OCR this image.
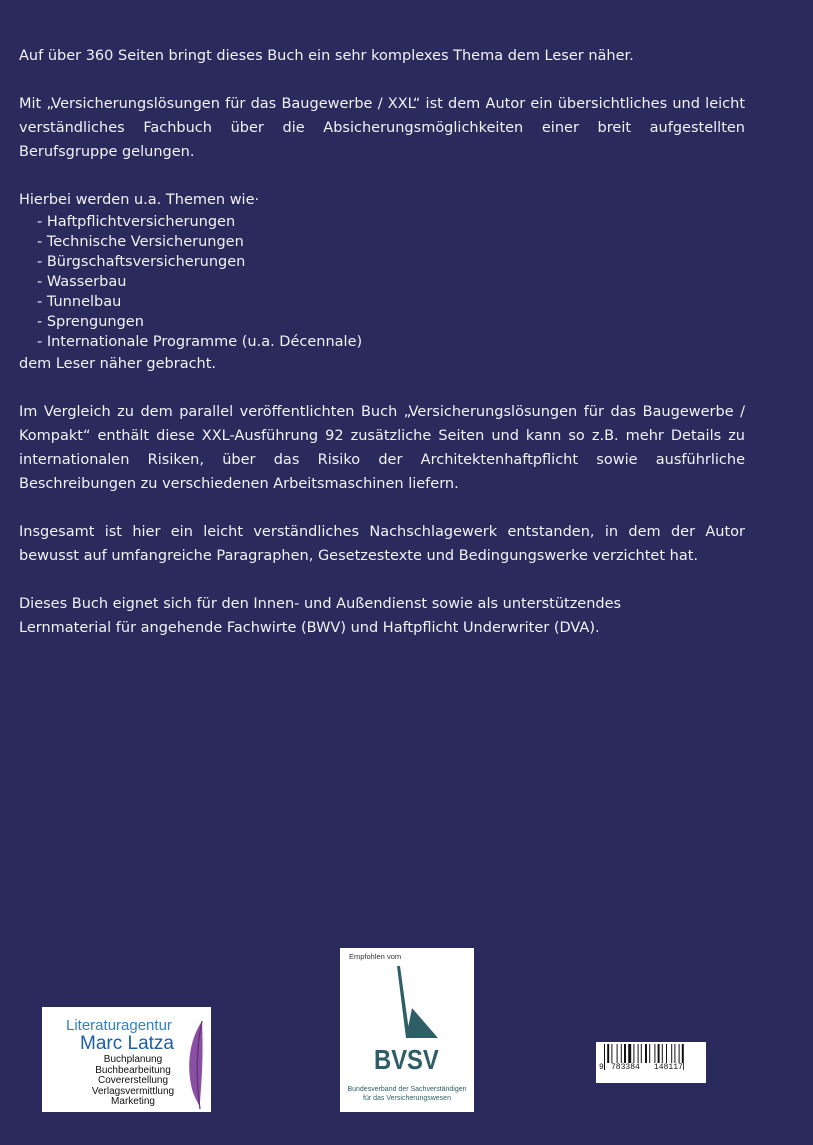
Auf über 360 Seiten bringt dieses Buch ein sehr komplexes Thema dem Leser näher.

Mit „Versicherungslösungen für das Baugewerbe / XXL“ ist dem Autor ein übersichtliches und leicht verständliches Fachbuch über die Absicherungsmöglichkeiten einer breit aufgestellten Berufsgruppe gelungen.

Hierbei werden u.a. Themen wie·
- Haftpflichtversicherungen
- Technische Versicherungen
- Bürgschaftsversicherungen
- Wasserbau
- Tunnelbau
- Sprengungen
- Internationale Programme (u.a. Décennale)
dem Leser näher gebracht.

Im Vergleich zu dem parallel veröffentlichten Buch „Versicherungslösungen für das Baugewerbe / Kompakt“ enthält diese XXL-Ausführung 92 zusätzliche Seiten und kann so z.B. mehr Details zu internationalen Risiken, über das Risiko der Architektenhaftpflicht sowie ausführliche Beschreibungen zu verschiedenen Arbeitsmaschinen liefern.

Insgesamt ist hier ein leicht verständliches Nachschlagewerk entstanden, in dem der Autor bewusst auf umfangreiche Paragraphen, Gesetzestexte und Bedingungswerke verzichtet hat.

Dieses Buch eignet sich für den Innen- und Außendienst sowie als unterstützendes
Lernmaterial für angehende Fachwirte (BWV) und Haftpflicht Underwriter (DVA).
Literaturagentur
Marc Latza
Buchplanung
Buchbearbeitung
Covererstellung
Verlagsvermittlung
Marketing
Empfohlen vom
BVSV
Bundesverband der Sachverständigen
für das Versicherungswesen
9 783384 148117
